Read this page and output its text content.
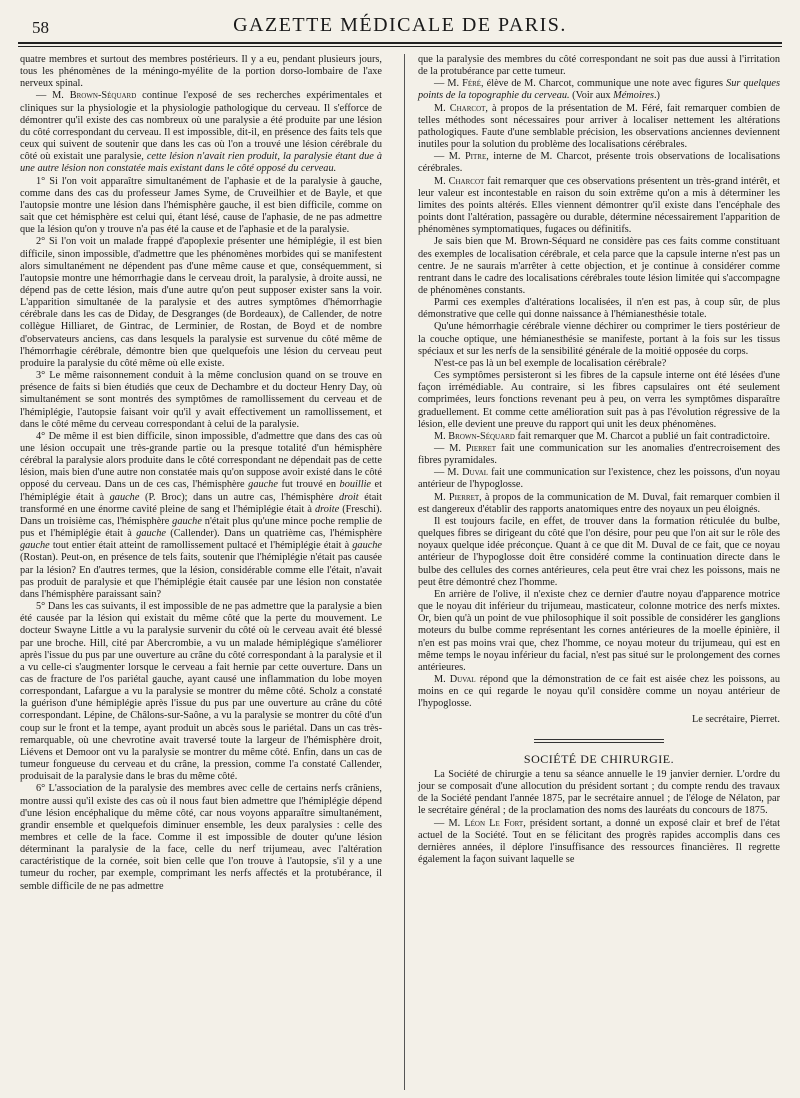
58	GAZETTE MÉDICALE DE PARIS.

quatre membres et surtout des membres postérieurs. Il y a eu, pendant plusieurs jours, tous les phénomènes de la méningo-myélite de la portion dorso-lombaire de l'axe nerveux spinal.

— M. Brown-Séquard continue l'exposé de ses recherches expérimentales et cliniques sur la physiologie et la physiologie pathologique du cerveau. Il s'efforce de démontrer qu'il existe des cas nombreux où une paralysie a été produite par une lésion du côté correspondant du cerveau. Il est impossible, dit-il, en présence des faits tels que ceux qui suivent de soutenir que dans les cas où l'on a trouvé une lésion cérébrale du côté où existait une paralysie, cette lésion n'avait rien produit, la paralysie étant due à une autre lésion non constatée mais existant dans le côté opposé du cerveau.

1° Si l'on voit apparaître simultanément de l'aphasie et de la paralysie à gauche, comme dans des cas du professeur James Syme, de Cruveilhier et de Bayle, et que l'autopsie montre une lésion dans l'hémisphère gauche, il est bien difficile, comme on sait que cet hémisphère est celui qui, étant lésé, cause de l'aphasie, de ne pas admettre que la lésion qu'on y trouve n'a pas été la cause et de l'aphasie et de la paralysie.

2° Si l'on voit un malade frappé d'apoplexie présenter une hémiplégie, il est bien difficile, sinon impossible, d'admettre que les phénomènes morbides qui se manifestent alors simultanément ne dépendent pas d'une même cause et que, conséquemment, si l'autopsie montre une hémorrhagie dans le cerveau droit, la paralysie, à droite aussi, ne dépend pas de cette lésion, mais d'une autre qu'on peut supposer exister sans la voir. L'apparition simultanée de la paralysie et des autres symptômes d'hémorrhagie cérébrale dans les cas de Diday, de Desgranges (de Bordeaux), de Callender, de notre collègue Hilliaret, de Gintrac, de Lerminier, de Rostan, de Boyd et de nombre d'observateurs anciens, cas dans lesquels la paralysie est survenue du côté même de l'hémorrhagie cérébrale, démontre bien que quelquefois une lésion du cerveau peut produire la paralysie du côté même où elle existe.

3° Le même raisonnement conduit à la même conclusion quand on se trouve en présence de faits si bien étudiés que ceux de Dechambre et du docteur Henry Day, où simultanément se sont montrés des symptômes de ramollissement du cerveau et de l'hémiplégie, l'autopsie faisant voir qu'il y avait effectivement un ramollissement, et dans le côté même du cerveau correspondant à celui de la paralysie.

4° De même il est bien difficile, sinon impossible, d'admettre que dans des cas où une lésion occupait une très-grande partie ou la presque totalité d'un hémisphère cérébral la paralysie alors produite dans le côté correspondant ne dépendait pas de cette lésion, mais bien d'une autre non constatée mais qu'on suppose avoir existé dans le côté opposé du cerveau. Dans un de ces cas, l'hémisphère gauche fut trouvé en bouillie et l'hémiplégie était à gauche (P. Broc); dans un autre cas, l'hémisphère droit était transformé en une énorme cavité pleine de sang et l'hémiplégie était à droite (Freschi). Dans un troisième cas, l'hémisphère gauche n'était plus qu'une mince poche remplie de pus et l'hémiplégie était à gauche (Callender). Dans un quatrième cas, l'hémisphère gauche tout entier était atteint de ramollissement pultacé et l'hémiplégie était à gauche (Rostan). Peut-on, en présence de tels faits, soutenir que l'hémiplégie n'était pas causée par la lésion? En d'autres termes, que la lésion, considérable comme elle l'était, n'avait pas produit de paralysie et que l'hémiplégie était causée par une lésion non constatée dans l'hémisphère paraissant sain?

5° Dans les cas suivants, il est impossible de ne pas admettre que la paralysie a bien été causée par la lésion qui existait du même côté que la perte du mouvement. Le docteur Swayne Little a vu la paralysie survenir du côté où le cerveau avait été blessé par une broche. Hill, cité par Abercrombie, a vu un malade hémiplégique s'améliorer après l'issue du pus par une ouverture au crâne du côté correspondant à la paralysie et il a vu celle-ci s'augmenter lorsque le cerveau a fait hernie par cette ouverture. Dans un cas de fracture de l'os pariétal gauche, ayant causé une inflammation du lobe moyen correspondant, Lafargue a vu la paralysie se montrer du même côté. Scholz a constaté la guérison d'une hémiplégie après l'issue du pus par une ouverture au crâne du côté correspondant. Lépine, de Châlons-sur-Saône, a vu la paralysie se montrer du côté d'un coup sur le front et la tempe, ayant produit un abcès sous le pariétal. Dans un cas très-remarquable, où une chevrotine avait traversé toute la largeur de l'hémisphère droit, Liévens et Demoor ont vu la paralysie se montrer du même côté. Enfin, dans un cas de tumeur fongueuse du cerveau et du crâne, la pression, comme l'a constaté Callender, produisait de la paralysie dans le bras du même côté.

6° L'association de la paralysie des membres avec celle de certains nerfs crâniens, montre aussi qu'il existe des cas où il nous faut bien admettre que l'hémiplégie dépend d'une lésion encéphalique du même côté, car nous voyons apparaître simultanément, grandir ensemble et quelquefois diminuer ensemble, les deux paralysies : celle des membres et celle de la face. Comme il est impossible de douter qu'une lésion déterminant la paralysie de la face, celle du nerf trijumeau, avec l'altération caractéristique de la cornée, soit bien celle que l'on trouve à l'autopsie, s'il y a une tumeur du rocher, par exemple, comprimant les nerfs affectés et la protubérance, il semble difficile de ne pas admettre

que la paralysie des membres du côté correspondant ne soit pas due aussi à l'irritation de la protubérance par cette tumeur.

— M. Féré, élève de M. Charcot, communique une note avec figures Sur quelques points de la topographie du cerveau. (Voir aux Mémoires.)

M. Charcot, à propos de la présentation de M. Féré, fait remarquer combien de telles méthodes sont nécessaires pour arriver à localiser nettement les altérations pathologiques. Faute d'une semblable précision, les observations anciennes deviennent inutiles pour la solution du problème des localisations cérébrales.

— M. Pitre, interne de M. Charcot, présente trois observations de localisations cérébrales.

M. Charcot fait remarquer que ces observations présentent un très-grand intérêt, et leur valeur est incontestable en raison du soin extrême qu'on a mis à déterminer les limites des points altérés. Elles viennent démontrer qu'il existe dans l'encéphale des points dont l'altération, passagère ou durable, détermine nécessairement l'apparition de phénomènes symptomatiques, fugaces ou définitifs.

Je sais bien que M. Brown-Séquard ne considère pas ces faits comme constituant des exemples de localisation cérébrale, et cela parce que la capsule interne n'est pas un centre. Je ne saurais m'arrêter à cette objection, et je continue à considérer comme rentrant dans le cadre des localisations cérébrales toute lésion limitée qui s'accompagne de phénomènes constants.

Parmi ces exemples d'altérations localisées, il n'en est pas, à coup sûr, de plus démonstrative que celle qui donne naissance à l'hémianesthésie totale.

Qu'une hémorrhagie cérébrale vienne déchirer ou comprimer le tiers postérieur de la couche optique, une hémianesthésie se manifeste, portant à la fois sur les tissus spéciaux et sur les nerfs de la sensibilité générale de la moitié opposée du corps.

N'est-ce pas là un bel exemple de localisation cérébrale?

Ces symptômes persisteront si les fibres de la capsule interne ont été lésées d'une façon irrémédiable. Au contraire, si les fibres capsulaires ont été seulement comprimées, leurs fonctions revenant peu à peu, on verra les symptômes disparaître graduellement. Et comme cette amélioration suit pas à pas l'évolution régressive de la lésion, elle devient une preuve du rapport qui unit les deux phénomènes.

M. Brown-Séquard fait remarquer que M. Charcot a publié un fait contradictoire.

— M. Pierret fait une communication sur les anomalies d'entrecroisement des fibres pyramidales.

— M. Duval fait une communication sur l'existence, chez les poissons, d'un noyau antérieur de l'hypoglosse.

M. Pierret, à propos de la communication de M. Duval, fait remarquer combien il est dangereux d'établir des rapports anatomiques entre des noyaux un peu éloignés.

Il est toujours facile, en effet, de trouver dans la formation réticulée du bulbe, quelques fibres se dirigeant du côté que l'on désire, pour peu que l'on ait sur le rôle des noyaux quelque idée préconçue. Quant à ce que dit M. Duval de ce fait, que ce noyau antérieur de l'hypoglosse doit être considéré comme la continuation directe dans le bulbe des cellules des cornes antérieures, cela peut être vrai chez les poissons, mais ne peut être démontré chez l'homme.

En arrière de l'olive, il n'existe chez ce dernier d'autre noyau d'apparence motrice que le noyau dit inférieur du trijumeau, masticateur, colonne motrice des nerfs mixtes. Or, bien qu'à un point de vue philosophique il soit possible de considérer les ganglions moteurs du bulbe comme représentant les cornes antérieures de la moelle épinière, il n'en est pas moins vrai que, chez l'homme, ce noyau moteur du trijumeau, qui est en même temps le noyau inférieur du facial, n'est pas situé sur le prolongement des cornes antérieures.

M. Duval répond que la démonstration de ce fait est aisée chez les poissons, au moins en ce qui regarde le noyau qu'il considère comme un noyau antérieur de l'hypoglosse.

Le secrétaire, Pierret.
SOCIÉTÉ DE CHIRURGIE.

La Société de chirurgie a tenu sa séance annuelle le 19 janvier dernier. L'ordre du jour se composait d'une allocution du président sortant ; du compte rendu des travaux de la Société pendant l'année 1875, par le secrétaire annuel ; de l'éloge de Nélaton, par le secrétaire général ; de la proclamation des noms des lauréats du concours de 1875.

— M. Léon Le Fort, président sortant, a donné un exposé clair et bref de l'état actuel de la Société. Tout en se félicitant des progrès rapides accomplis dans ces dernières années, il déplore l'insuffisance des ressources financières. Il regrette également la façon suivant laquelle se
